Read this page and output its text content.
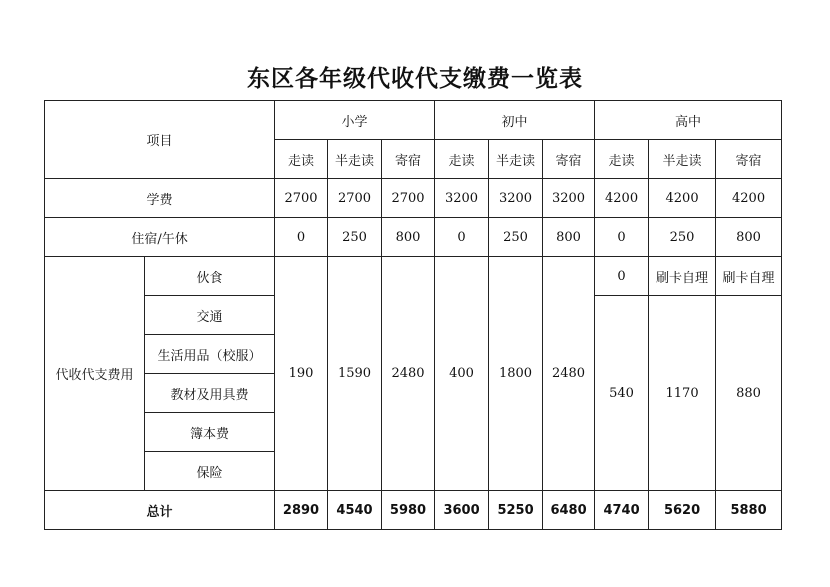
东区各年级代收代支缴费一览表
项目		小学			初中			高中		
		走读	半走读	寄宿	走读	半走读	寄宿	走读	半走读	寄宿
学费		2700	2700	2700	3200	3200	3200	4200	4200	4200
住宿/午休		0	250	800	0	250	800	0	250	800
代收代支费用	伙食	190	1590	2480	400	1800	2480	0	刷卡自理	刷卡自理
	交通							540	1170	880
	生活用品（校服）									
	教材及用具费									
	簿本费									
	保险									
总计		2890	4540	5980	3600	5250	6480	4740	5620	5880
